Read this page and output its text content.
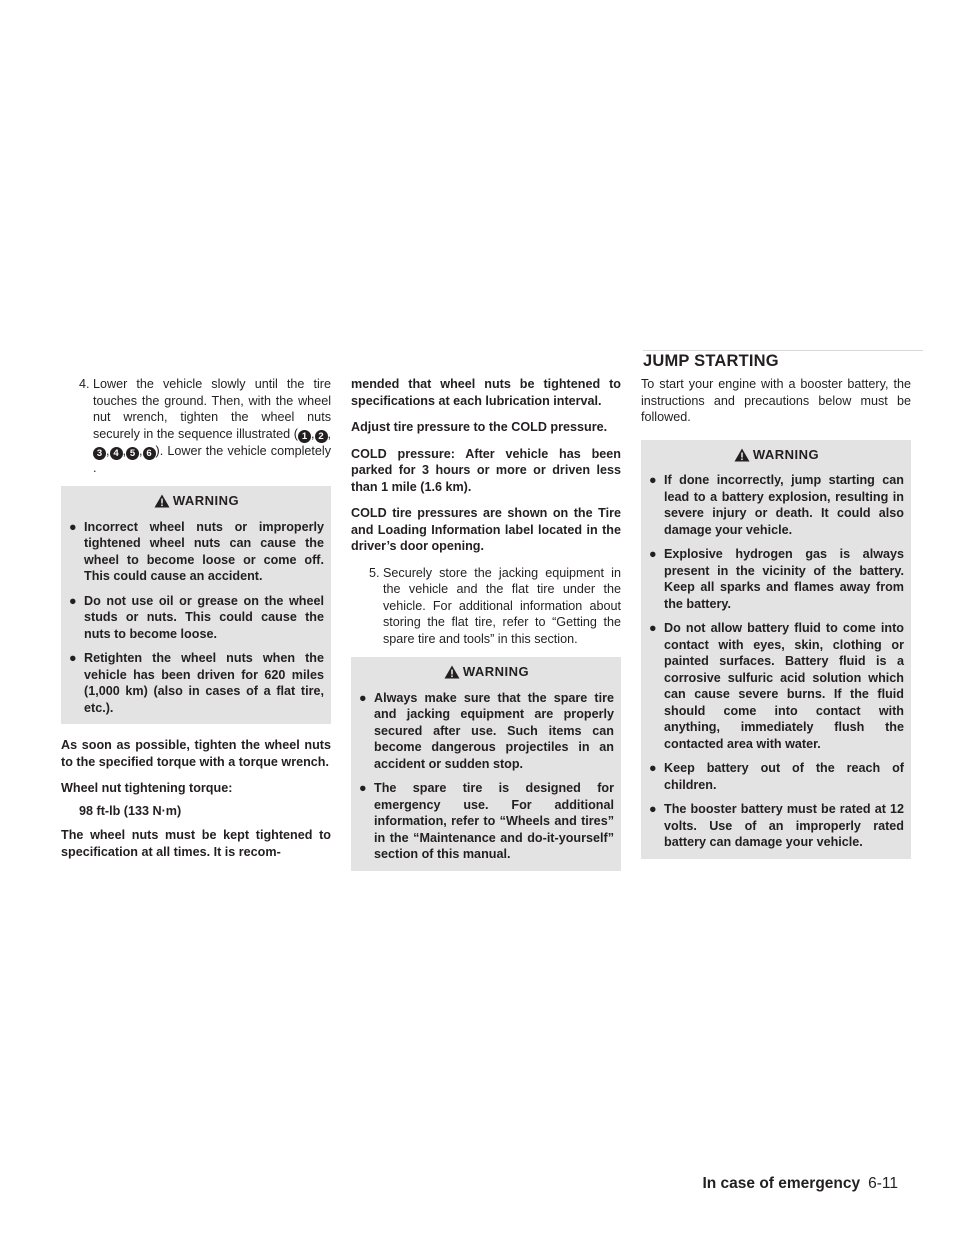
JUMP STARTING

4. Lower the vehicle slowly until the tire touches the ground. Then, with the wheel nut wrench, tighten the wheel nuts securely in the sequence illustrated ( 1 , 2 ,3 , 4 , 5 , 6 ). Lower the vehicle completely .

WARNING
● Incorrect wheel nuts or improperly tightened wheel nuts can cause the wheel to become loose or come off. This could cause an accident.
● Do not use oil or grease on the wheel studs or nuts. This could cause the nuts to become loose.
● Retighten the wheel nuts when the vehicle has been driven for 620 miles (1,000 km) (also in cases of a flat tire, etc.).

As soon as possible, tighten the wheel nuts to the specified torque with a torque wrench.

Wheel nut tightening torque:

98 ft-lb (133 N·m)

The wheel nuts must be kept tightened to specification at all times. It is recom-

mended that wheel nuts be tightened to specifications at each lubrication interval.

Adjust tire pressure to the COLD pressure.

COLD pressure: After vehicle has been parked for 3 hours or more or driven less than 1 mile (1.6 km).

COLD tire pressures are shown on the Tire and Loading Information label located in the driver’s door opening.

5. Securely store the jacking equipment in the vehicle and the flat tire under the vehicle. For additional information about storing the flat tire, refer to “Getting the spare tire and tools” in this section.

WARNING
● Always make sure that the spare tire and jacking equipment are properly secured after use. Such items can become dangerous projectiles in an accident or sudden stop.
● The spare tire is designed for emergency use. For additional information, refer to “Wheels and tires” in the “Maintenance and do-it-yourself” section of this manual.

To start your engine with a booster battery, the instructions and precautions below must be followed.

WARNING
● If done incorrectly, jump starting can lead to a battery explosion, resulting in severe injury or death. It could also damage your vehicle.
● Explosive hydrogen gas is always present in the vicinity of the battery. Keep all sparks and flames away from the battery.
● Do not allow battery fluid to come into contact with eyes, skin, clothing or painted surfaces. Battery fluid is a corrosive sulfuric acid solution which can cause severe burns. If the fluid should come into contact with anything, immediately flush the contacted area with water.
● Keep battery out of the reach of children.
● The booster battery must be rated at 12 volts. Use of an improperly rated battery can damage your vehicle.
In case of emergency 6-11
